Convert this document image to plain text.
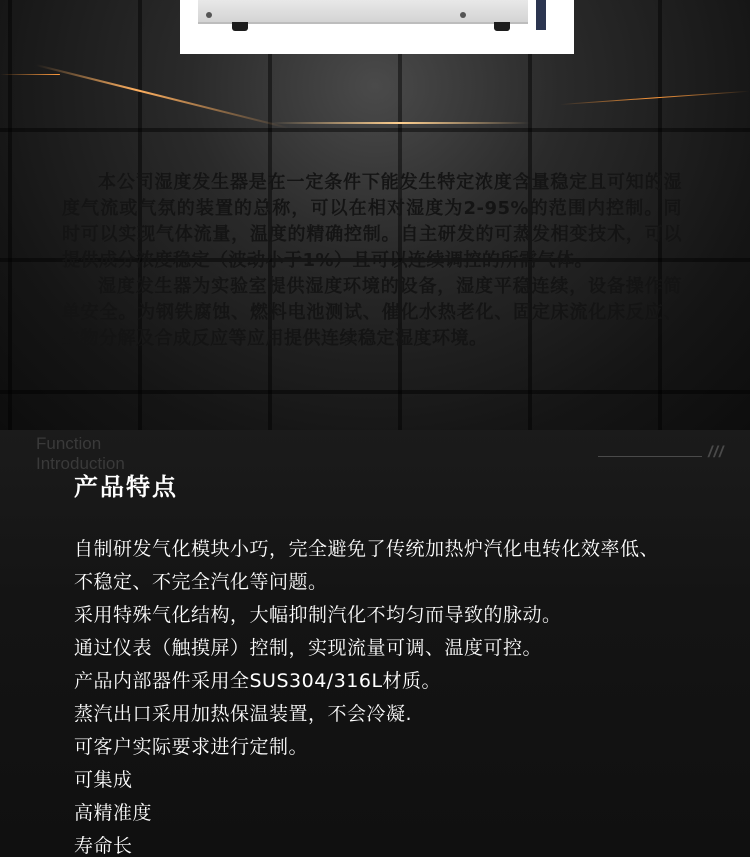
本公司湿度发生器是在一定条件下能发生特定浓度含量稳定且可知的湿度气流或气氛的装置的总称，可以在相对湿度为2-95%的范围内控制。同时可以实现气体流量，温度的精确控制。自主研发的可蒸发相变技术，可以提供成分浓度稳定（波动小于1%）且可以连续调控的所需气体。

湿度发生器为实验室提供湿度环境的设备，湿度平稳连续，设备操作简单安全。为钢铁腐蚀、燃料电池测试、催化水热老化、固定床流化床反应、生物分解及合成反应等应用提供连续稳定湿度环境。

Function
Introduction
///
产品特点
自制研发气化模块小巧，完全避免了传统加热炉汽化电转化效率低、不稳定、不完全汽化等问题。
采用特殊气化结构，大幅抑制汽化不均匀而导致的脉动。
通过仪表（触摸屏）控制，实现流量可调、温度可控。
产品内部器件采用全SUS304/316L材质。
蒸汽出口采用加热保温装置，不会冷凝.
可客户实际要求进行定制。
可集成
高精准度
寿命长
